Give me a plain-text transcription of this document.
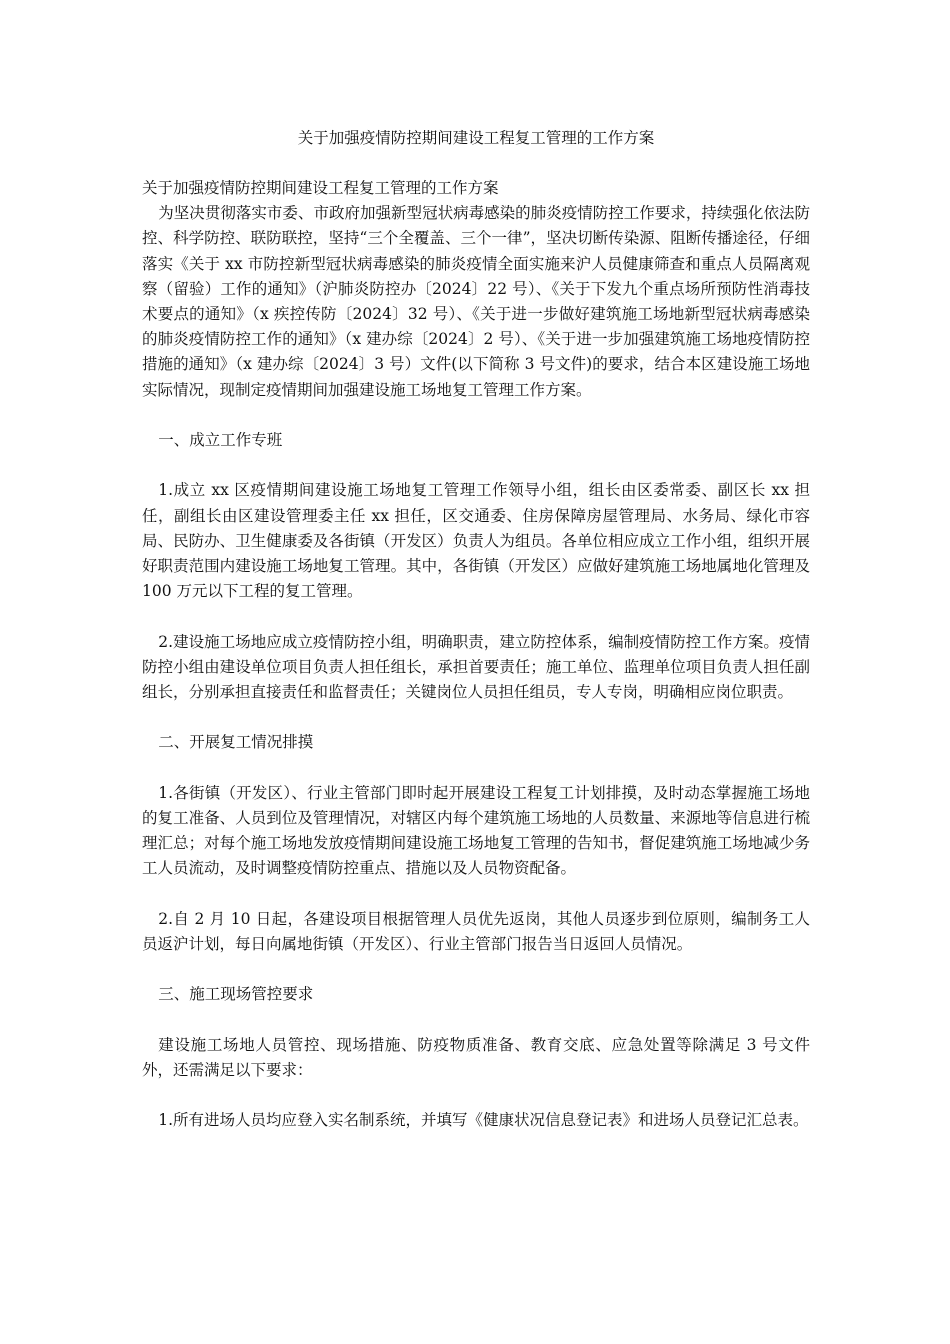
关于加强疫情防控期间建设工程复工管理的工作方案

关于加强疫情防控期间建设工程复工管理的工作方案

为坚决贯彻落实市委、市政府加强新型冠状病毒感染的肺炎疫情防控工作要求，持续强化依法防控、科学防控、联防联控，坚持“三个全覆盖、三个一律”，坚决切断传染源、阻断传播途径，仔细落实《关于 xx 市防控新型冠状病毒感染的肺炎疫情全面实施来沪人员健康筛查和重点人员隔离观察（留验）工作的通知》（沪肺炎防控办〔2024〕22 号）、《关于下发九个重点场所预防性消毒技术要点的通知》（x 疾控传防〔2024〕32 号）、《关于进一步做好建筑施工场地新型冠状病毒感染的肺炎疫情防控工作的通知》（x 建办综〔2024〕2 号）、《关于进一步加强建筑施工场地疫情防控措施的通知》（x 建办综〔2024〕3 号）文件(以下简称 3 号文件)的要求，结合本区建设施工场地实际情况，现制定疫情期间加强建设施工场地复工管理工作方案。

一、成立工作专班

1.成立 xx 区疫情期间建设施工场地复工管理工作领导小组，组长由区委常委、副区长 xx 担任，副组长由区建设管理委主任 xx 担任，区交通委、住房保障房屋管理局、水务局、绿化市容局、民防办、卫生健康委及各街镇（开发区）负责人为组员。各单位相应成立工作小组，组织开展好职责范围内建设施工场地复工管理。其中，各街镇（开发区）应做好建筑施工场地属地化管理及 100 万元以下工程的复工管理。

2.建设施工场地应成立疫情防控小组，明确职责，建立防控体系，编制疫情防控工作方案。疫情防控小组由建设单位项目负责人担任组长，承担首要责任；施工单位、监理单位项目负责人担任副组长，分别承担直接责任和监督责任；关键岗位人员担任组员，专人专岗，明确相应岗位职责。

二、开展复工情况排摸

1.各街镇（开发区）、行业主管部门即时起开展建设工程复工计划排摸，及时动态掌握施工场地的复工准备、人员到位及管理情况，对辖区内每个建筑施工场地的人员数量、来源地等信息进行梳理汇总；对每个施工场地发放疫情期间建设施工场地复工管理的告知书，督促建筑施工场地减少务工人员流动，及时调整疫情防控重点、措施以及人员物资配备。

2.自 2 月 10 日起，各建设项目根据管理人员优先返岗，其他人员逐步到位原则，编制务工人员返沪计划，每日向属地街镇（开发区）、行业主管部门报告当日返回人员情况。

三、施工现场管控要求

建设施工场地人员管控、现场措施、防疫物质准备、教育交底、应急处置等除满足 3 号文件外，还需满足以下要求：

1.所有进场人员均应登入实名制系统，并填写《健康状况信息登记表》和进场人员登记汇总表。
